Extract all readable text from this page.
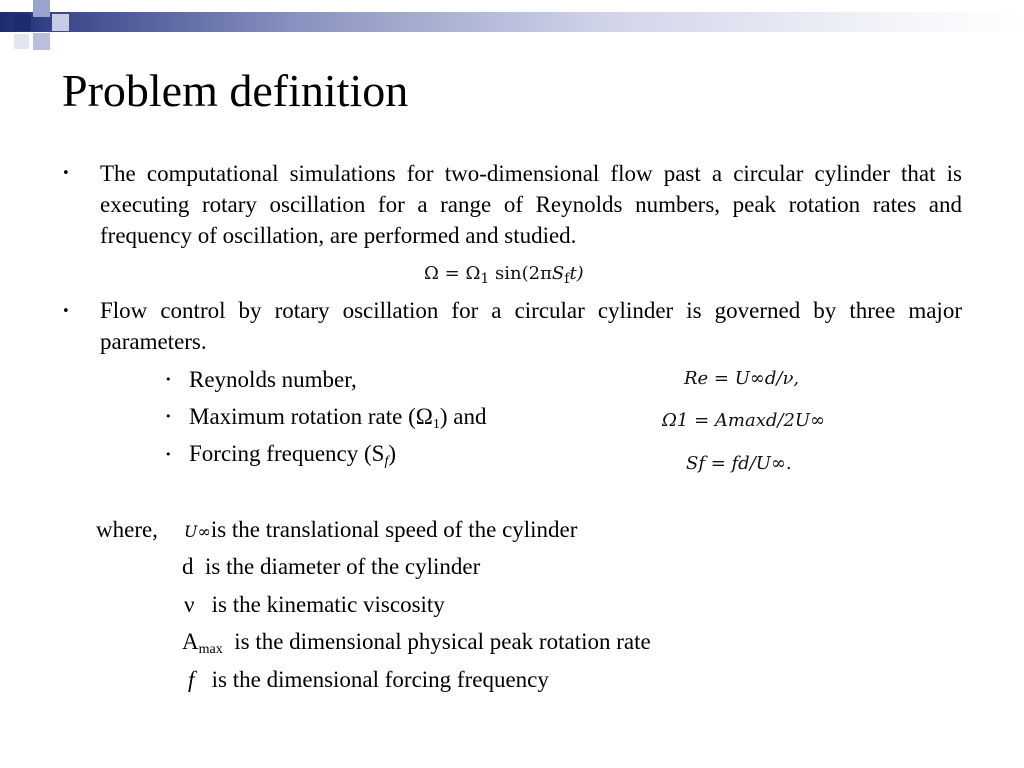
Problem definition
• The computational simulations for two-dimensional flow past a circular cylinder that is executing rotary oscillation for a range of Reynolds numbers, peak rotation rates and frequency of oscillation, are performed and studied.

$\Omega = \Omega_1$ $\sin(2\pi S_ft)$
• Flow control by rotary oscillation for a circular cylinder is governed by three major parameters.

• Reynolds number,
• Maximum rotation rate $(\Omega_1)$ and
• Forcing frequency $(S_f)$
Re = U∞d/ν,
Ω1 = Amaxd/2U∞
Sf = fd/U∞.
where, U∞is the translational speed of the cylinder
d is the diameter of the cylinder
ν is the kinematic viscosity
$A_{max}$ is the dimensional physical peak rotation rate
f is the dimensional forcing frequency
